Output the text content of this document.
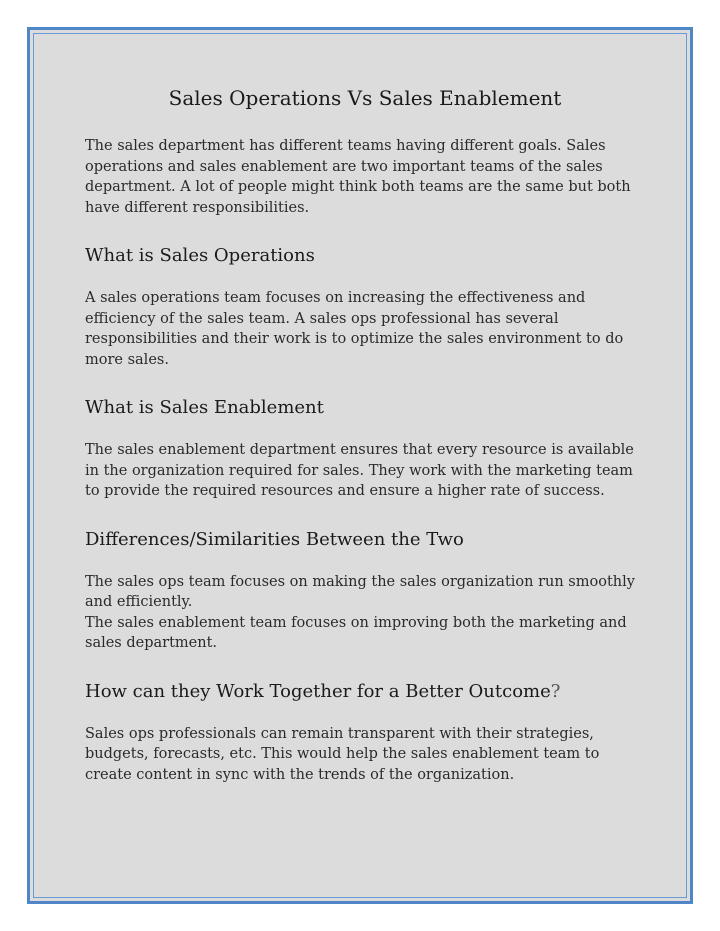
Sales Operations Vs Sales Enablement

The sales department has different teams having different goals. Sales operations and sales enablement are two important teams of the sales department. A lot of people might think both teams are the same but both have different responsibilities.

What is Sales Operations

A sales operations team focuses on increasing the effectiveness and efficiency of the sales team. A sales ops professional has several responsibilities and their work is to optimize the sales environment to do more sales.

What is Sales Enablement

The sales enablement department ensures that every resource is available in the organization required for sales. They work with the marketing team to provide the required resources and ensure a higher rate of success.

Differences/Similarities Between the Two

The sales ops team focuses on making the sales organization run smoothly and efficiently.
The sales enablement team focuses on improving both the marketing and sales department.

How can they Work Together for a Better Outcome?

Sales ops professionals can remain transparent with their strategies, budgets, forecasts, etc. This would help the sales enablement team to create content in sync with the trends of the organization.
